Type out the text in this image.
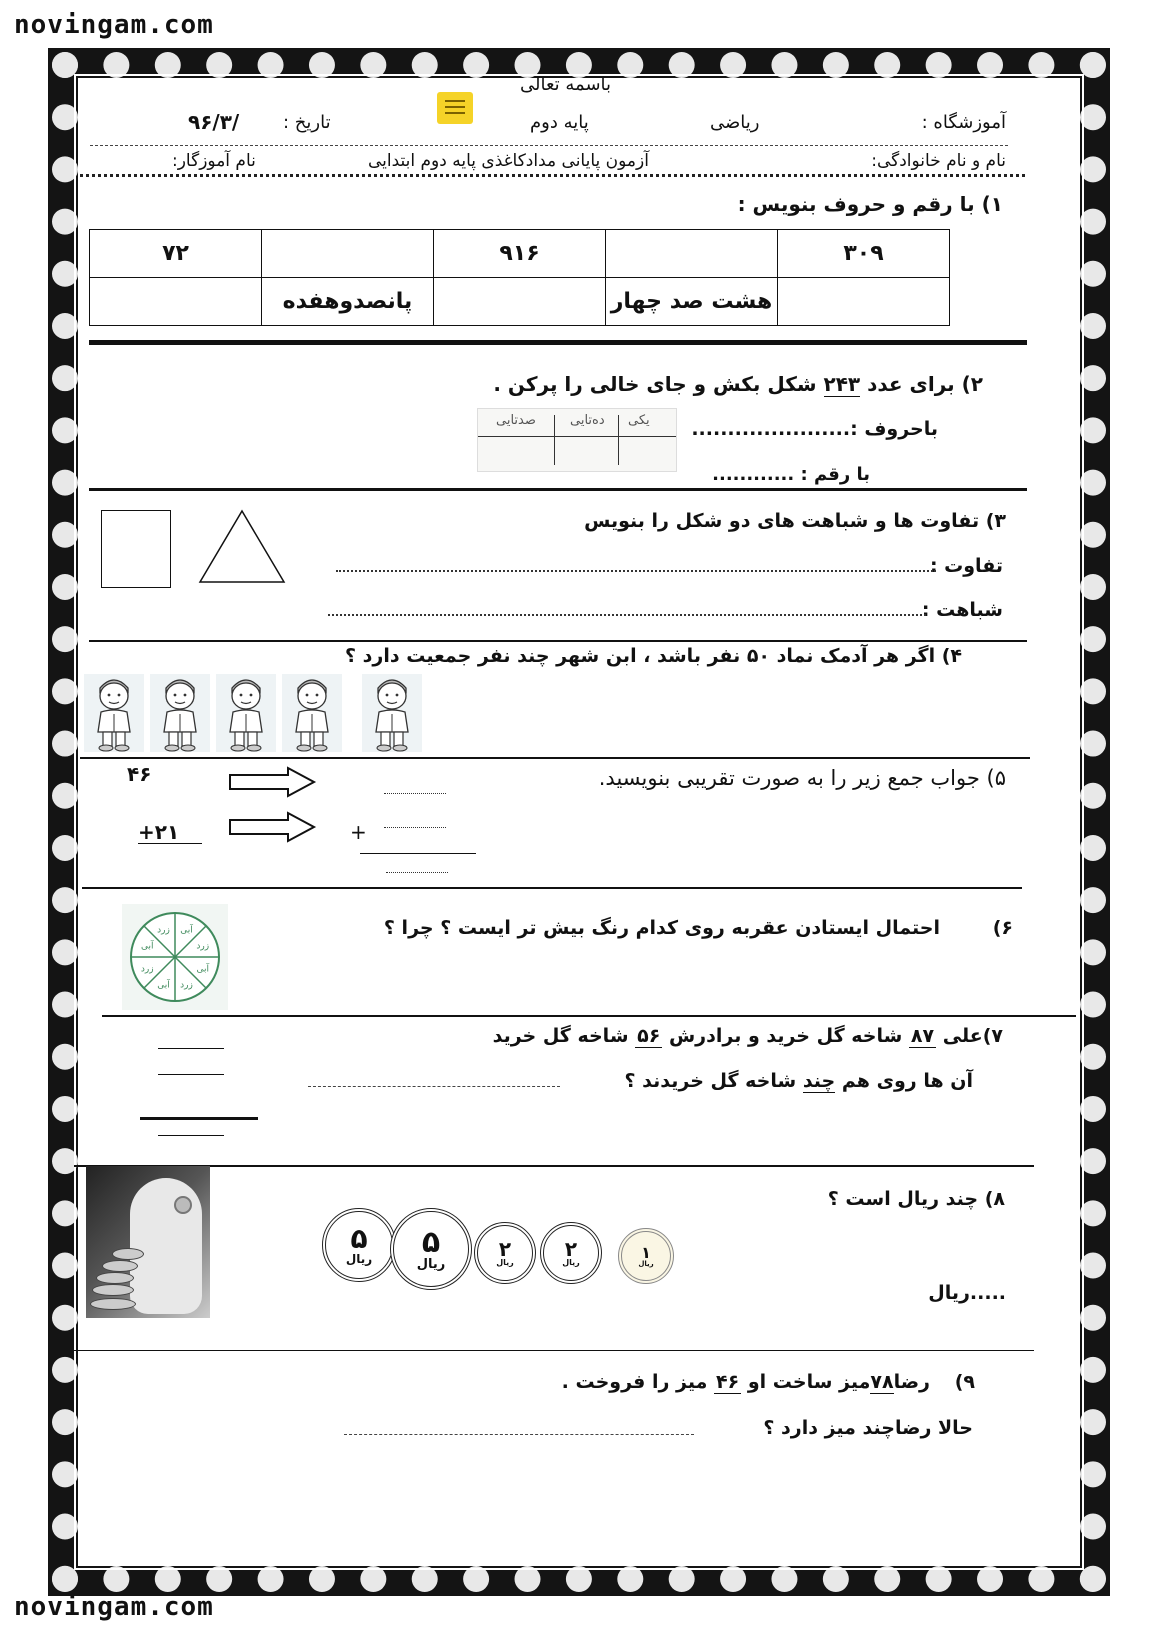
novingam.com
novingam.com
باسمه تعالی
آموزشگاه :
ریاضی
پایه دوم
تاریخ :
۹۶/۳/
نام و نام خانوادگی:
آزمون پایانی مدادکاغذی پایه دوم ابتدایی
نام آموزگار:
۱) با رقم و حروف بنویس :
۳۰۹		۹۱۶		۷۲
	هشت صد چهار		پانصدوهفده	
۲) برای عدد ۲۴۳ شکل بکش و جای خالی را پرکن .
یکی
ده‌تایی
صدتایی	باحروف :......................
با رقم : ............
۳) تفاوت ها و شباهت های دو شکل را بنویس
تفاوت :
شباهت :
۴) اگر هر آدمک نماد ۵۰ نفر باشد ، ابن شهر چند نفر جمعیت دارد ؟
۵) جواب جمع زیر را به صورت تقریبی بنویسید.
۴۶
+۲۱	+
۶)
احتمال ایستادن عقربه روی کدام رنگ بیش تر ایست ؟ چرا ؟
آبی
زرد
آبی
زرد
آبی
زرد
آبی
زرد
۷)علی ۸۷ شاخه گل خرید و برادرش ۵۶ شاخه گل خرید
آن ها روی هم چند شاخه گل خریدند ؟
۸) چند ریال است ؟
۵
ریال ۵
ریال
۲
ریال
۲
ریال
۱
ریال
.....ریال
۹)
رضا۷۸میز ساخت او ۴۶ میز را فروخت .
حالا رضاچند میز دارد ؟
